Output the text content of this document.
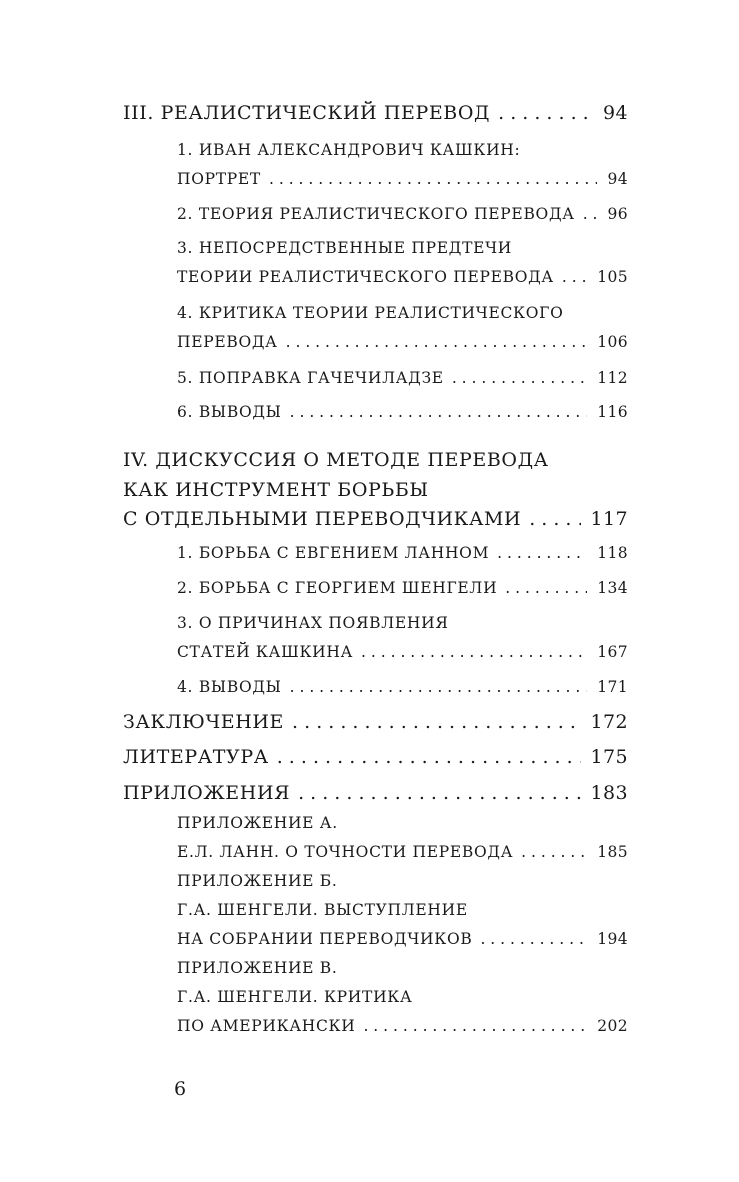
III. РЕАЛИСТИЧЕСКИЙ ПЕРЕВОД . . .	94
1. ИВАН АЛЕКСАНДРОВИЧ КАШКИН:
ПОРТРЕТ . . .	94
2. ТЕОРИЯ РЕАЛИСТИЧЕСКОГО ПЕРЕВОДА . . . 96
3. НЕПОСРЕДСТВЕННЫЕ ПРЕДТЕЧИ
ТЕОРИИ РЕАЛИСТИЧЕСКОГО ПЕРЕВОДА . . .	105
4. КРИТИКА ТЕОРИИ РЕАЛИСТИЧЕСКОГО
ПЕРЕВОДА . . .	106
5. ПОПРАВКА ГАЧЕЧИЛАДЗЕ . . .	112
6. ВЫВОДЫ . . .	116
IV. ДИСКУССИЯ О МЕТОДЕ ПЕРЕВОДА
КАК ИНСТРУМЕНТ БОРЬБЫ
С ОТДЕЛЬНЫМИ ПЕРЕВОДЧИКАМИ . . .	117
1. БОРЬБА С ЕВГЕНИЕМ ЛАННОМ . . .	118
2. БОРЬБА С ГЕОРГИЕМ ШЕНГЕЛИ . . .	134
3. О ПРИЧИНАХ ПОЯВЛЕНИЯ
СТАТЕЙ КАШКИНА . . .	167
4. ВЫВОДЫ . . .	171
ЗАКЛЮЧЕНИЕ . . .	172
ЛИТЕРАТУРА . . .	175
ПРИЛОЖЕНИЯ . . .	183
ПРИЛОЖЕНИЕ А.
Е.Л. ЛАНН. О ТОЧНОСТИ ПЕРЕВОДА . . .	185
ПРИЛОЖЕНИЕ Б.
Г.А. ШЕНГЕЛИ. ВЫСТУПЛЕНИЕ
НА СОБРАНИИ ПЕРЕВОДЧИКОВ . . .	194
ПРИЛОЖЕНИЕ В.
Г.А. ШЕНГЕЛИ. КРИТИКА
ПО АМЕРИКАНСКИ . . .	202
6
